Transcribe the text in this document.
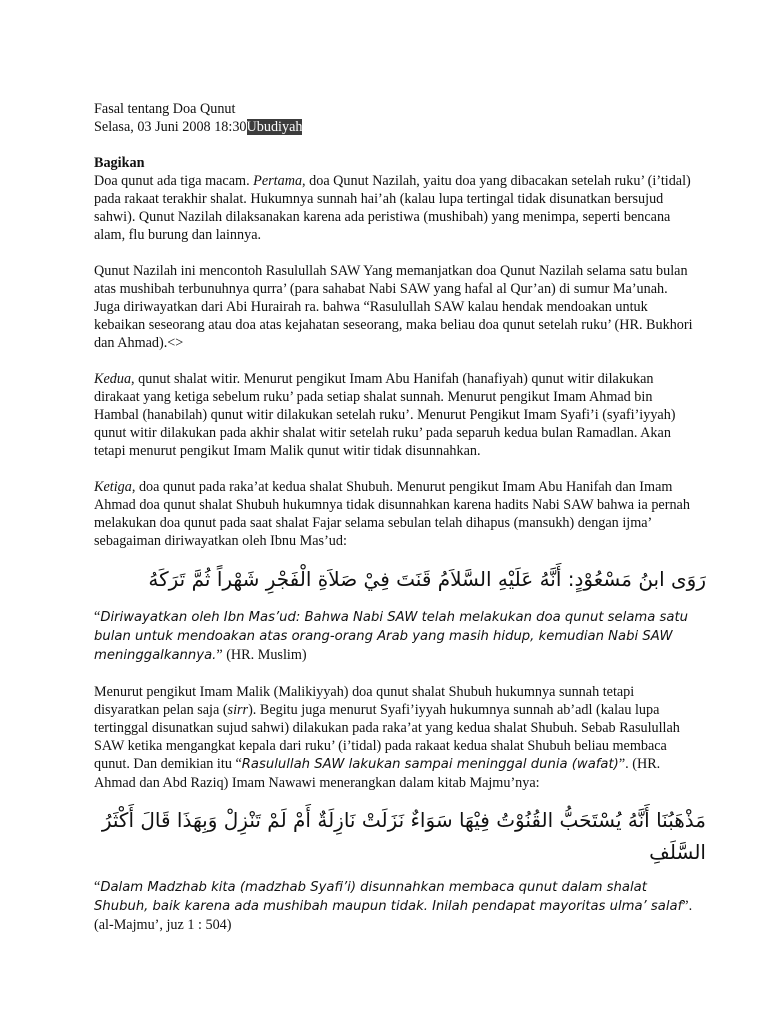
Fasal tentang Doa Qunut

Selasa, 03 Juni 2008 18:30Ubudiyah

Bagikan

Doa qunut ada tiga macam. Pertama, doa Qunut Nazilah, yaitu doa yang dibacakan setelah ruku’ (i’tidal) pada rakaat terakhir shalat. Hukumnya sunnah hai’ah (kalau lupa tertingal tidak disunatkan bersujud sahwi). Qunut Nazilah dilaksanakan karena ada peristiwa (mushibah) yang menimpa, seperti bencana alam, flu burung dan lainnya.

Qunut Nazilah ini mencontoh Rasulullah SAW Yang memanjatkan doa Qunut Nazilah selama satu bulan atas mushibah terbunuhnya qurra’ (para sahabat Nabi SAW yang hafal al Qur’an) di sumur Ma’unah. Juga diriwayatkan dari Abi Hurairah ra. bahwa “Rasulullah SAW kalau hendak mendoakan untuk kebaikan seseorang atau doa atas kejahatan seseorang, maka beliau doa qunut setelah ruku’ (HR. Bukhori dan Ahmad).<>

Kedua, qunut shalat witir. Menurut pengikut Imam Abu Hanifah (hanafiyah) qunut witir dilakukan dirakaat yang ketiga sebelum ruku’ pada setiap shalat sunnah. Menurut pengikut Imam Ahmad bin Hambal (hanabilah) qunut witir dilakukan setelah ruku’. Menurut Pengikut Imam Syafi’i (syafi’iyyah) qunut witir dilakukan pada akhir shalat witir setelah ruku’ pada separuh kedua bulan Ramadlan. Akan tetapi menurut pengikut Imam Malik qunut witir tidak disunnahkan.

Ketiga, doa qunut pada raka’at kedua shalat Shubuh. Menurut pengikut Imam Abu Hanifah dan Imam Ahmad doa qunut shalat Shubuh hukumnya tidak disunnahkan karena hadits Nabi SAW bahwa ia pernah melakukan doa qunut pada saat shalat Fajar selama sebulan telah dihapus (mansukh) dengan ijma’ sebagaiman diriwayatkan oleh Ibnu Mas’ud:

رَوَى ابنُ مَسْعُوْدٍ: أَنَّهُ عَلَيْهِ السَّلاَمُ قَنَتَ فِيْ صَلاَةِ الْفَجْرِ شَهْراً ثُمَّ تَرَكَهُ

“Diriwayatkan oleh Ibn Mas’ud: Bahwa Nabi SAW telah melakukan doa qunut selama satu bulan untuk mendoakan atas orang-orang Arab yang masih hidup, kemudian Nabi SAW meninggalkannya.” (HR. Muslim)

Menurut pengikut Imam Malik (Malikiyyah) doa qunut shalat Shubuh hukumnya sunnah tetapi disyaratkan pelan saja (sirr). Begitu juga menurut Syafi’iyyah hukumnya sunnah ab’adl (kalau lupa tertinggal disunatkan sujud sahwi) dilakukan pada raka’at yang kedua shalat Shubuh. Sebab Rasulullah SAW ketika mengangkat kepala dari ruku’ (i’tidal) pada rakaat kedua shalat Shubuh beliau membaca qunut. Dan demikian itu “Rasulullah SAW lakukan sampai meninggal dunia (wafat)”. (HR. Ahmad dan Abd Raziq) Imam Nawawi menerangkan dalam kitab Majmu’nya:

مَذْهَبُنَا أَنَّهُ يُسْتَحَبُّ القُنُوْتُ فِيْهَا سَوَاءٌ نَزَلَتْ نَازِلَةٌ أَمْ لَمْ تَنْزِلْ وَبِهَذَا قَالَ أَكْثَرُ السَّلَفِ

“Dalam Madzhab kita (madzhab Syafi’i) disunnahkan membaca qunut dalam shalat Shubuh, baik karena ada mushibah maupun tidak. Inilah pendapat mayoritas ulma’ salaf”. (al-Majmu’, juz 1 : 504)
